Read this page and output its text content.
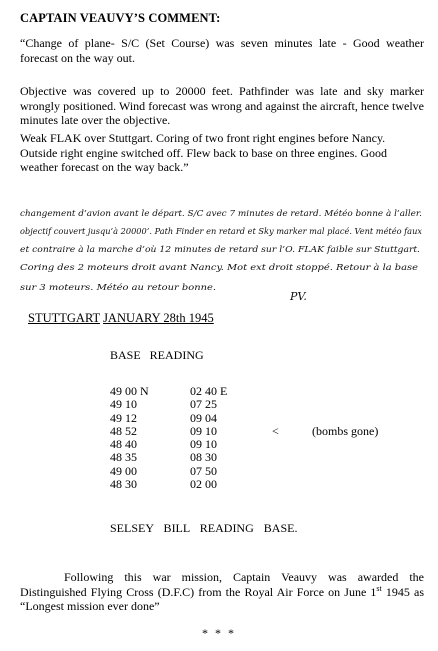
CAPTAIN VEAUVY’S COMMENT:
“Change of plane- S/C (Set Course) was seven minutes late - Good weather forecast on the way out.
Objective was covered up to 20000 feet. Pathfinder was late and sky marker wrongly positioned. Wind forecast was wrong and against the aircraft, hence twelve minutes late over the objective.
Weak FLAK over Stuttgart. Coring of two front right engines before Nancy. Outside right engine switched off. Flew back to base on three engines. Good weather forecast on the way back.”
changement d’avion avant le départ. S/C avec 7 minutes de retard. Météo bonne à l’aller.
objectif couvert jusqu’à 20000’. Path Finder en retard et Sky marker mal placé. Vent météo faux
et contraire à la marche d’où 12 minutes de retard sur l’O. FLAK faible sur Stuttgart.
Coring des 2 moteurs droit avant Nancy. Mot ext droit stoppé. Retour à la base
sur 3 moteurs. Météo au retour bonne.
PV.
STUTTGART JANUARY 28th 1945
BASE READING
49 00 N	02 40 E
49 10	07 25
49 12	09 04
48 52	09 10	<	(bombs gone)
48 40	09 10
48 35	08 30
49 00	07 50
48 30	02 00
SELSEY BILL READING BASE.
Following this war mission, Captain Veauvy was awarded the Distinguished Flying Cross (D.F.C) from the Royal Air Force on June 1st 1945 as “Longest mission ever done”
* * *
